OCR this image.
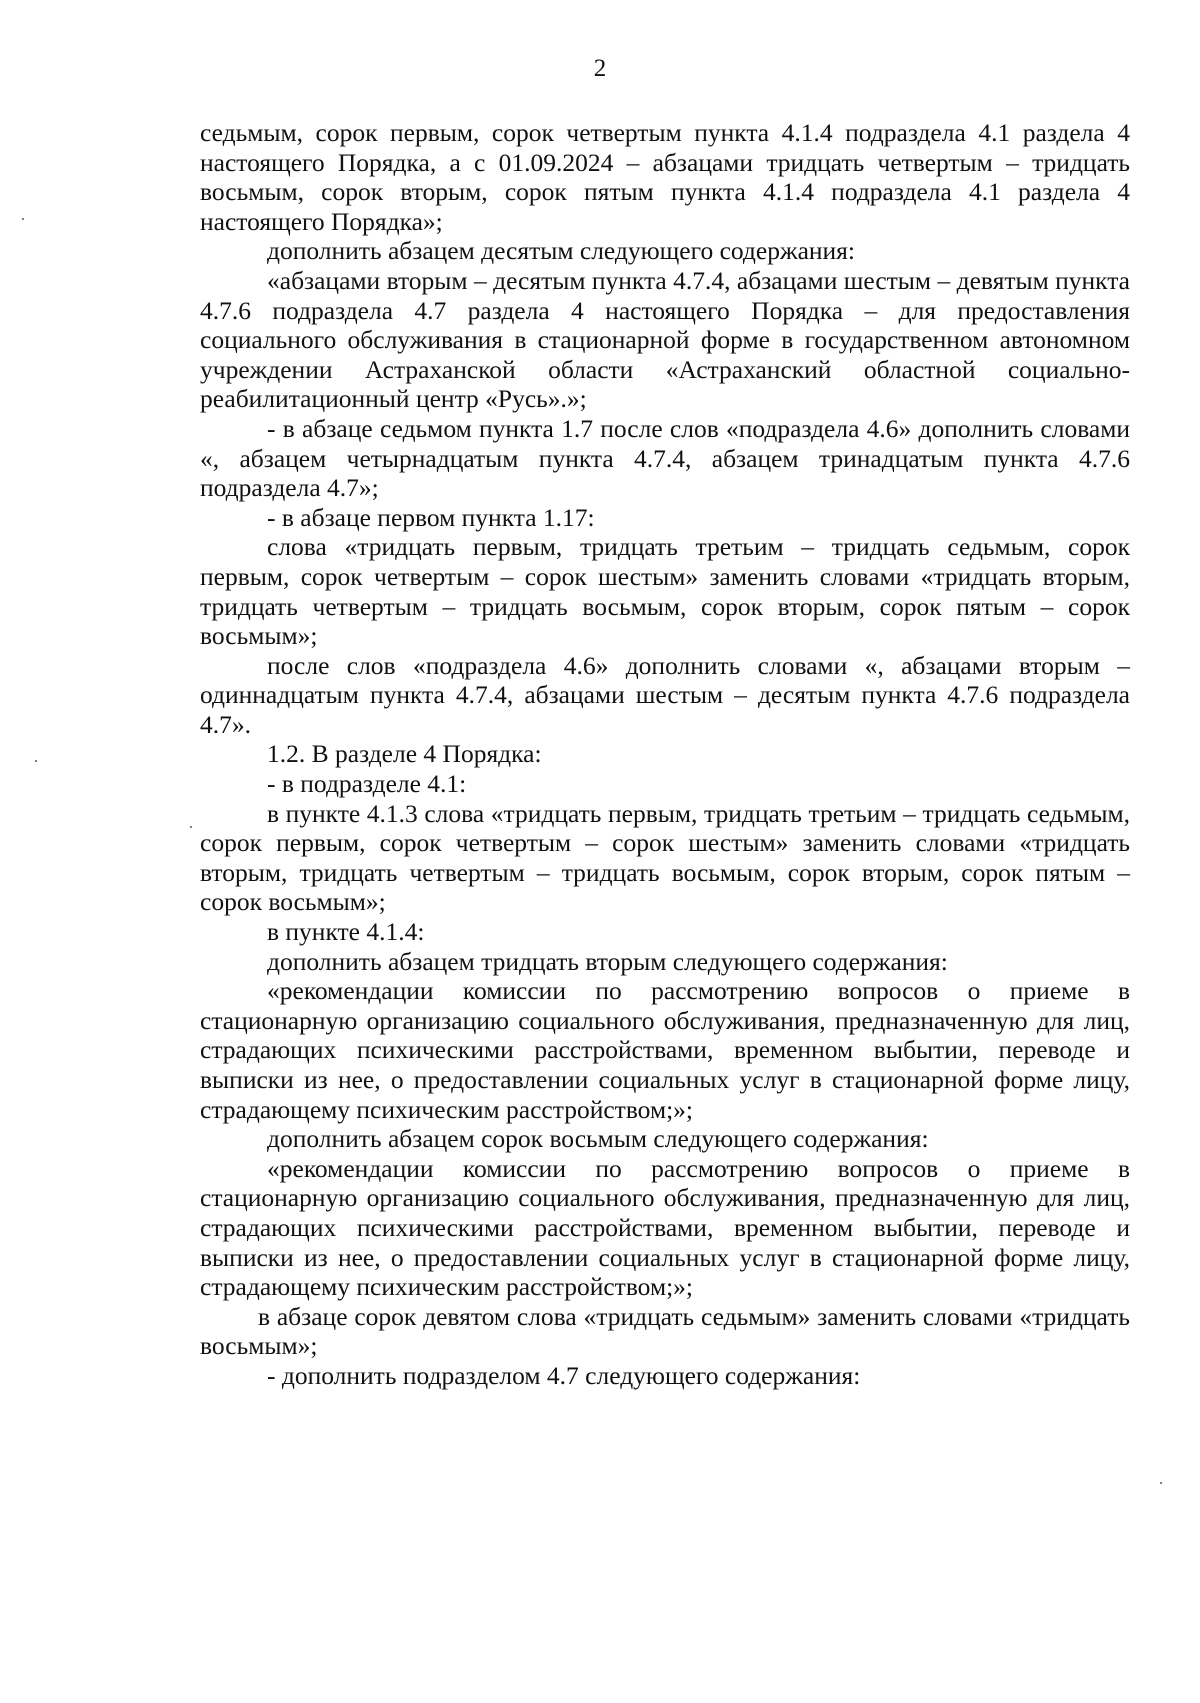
2

седьмым, сорок первым, сорок четвертым пункта 4.1.4 подраздела 4.1 раздела 4 настоящего Порядка, а с 01.09.2024 – абзацами тридцать четвертым – тридцать восьмым, сорок вторым, сорок пятым пункта 4.1.4 подраздела 4.1 раздела 4 настоящего Порядка»;

дополнить абзацем десятым следующего содержания:

«абзацами вторым – десятым пункта 4.7.4, абзацами шестым – девятым пункта 4.7.6 подраздела 4.7 раздела 4 настоящего Порядка – для предоставления социального обслуживания в стационарной форме в государственном автономном учреждении Астраханской области «Астраханский областной социально-реабилитационный центр «Русь».»;

- в абзаце седьмом пункта 1.7 после слов «подраздела 4.6» дополнить словами «, абзацем четырнадцатым пункта 4.7.4, абзацем тринадцатым пункта 4.7.6 подраздела 4.7»;

- в абзаце первом пункта 1.17:

слова «тридцать первым, тридцать третьим – тридцать седьмым, сорок первым, сорок четвертым – сорок шестым» заменить словами «тридцать вторым, тридцать четвертым – тридцать восьмым, сорок вторым, сорок пятым – сорок восьмым»;

после слов «подраздела 4.6» дополнить словами «, абзацами вторым – одиннадцатым пункта 4.7.4, абзацами шестым – десятым пункта 4.7.6 подраздела 4.7».

1.2. В разделе 4 Порядка:

- в подразделе 4.1:

в пункте 4.1.3 слова «тридцать первым, тридцать третьим – тридцать седьмым, сорок первым, сорок четвертым – сорок шестым» заменить словами «тридцать вторым, тридцать четвертым – тридцать восьмым, сорок вторым, сорок пятым – сорок восьмым»;

в пункте 4.1.4:

дополнить абзацем тридцать вторым следующего содержания:

«рекомендации комиссии по рассмотрению вопросов о приеме в стационарную организацию социального обслуживания, предназначенную для лиц, страдающих психическими расстройствами, временном выбытии, переводе и выписки из нее, о предоставлении социальных услуг в стационарной форме лицу, страдающему психическим расстройством;»;

дополнить абзацем сорок восьмым следующего содержания:

«рекомендации комиссии по рассмотрению вопросов о приеме в стационарную организацию социального обслуживания, предназначенную для лиц, страдающих психическими расстройствами, временном выбытии, переводе и выписки из нее, о предоставлении социальных услуг в стационарной форме лицу, страдающему психическим расстройством;»;

в абзаце сорок девятом слова «тридцать седьмым» заменить словами «тридцать восьмым»;

- дополнить подразделом 4.7 следующего содержания:
